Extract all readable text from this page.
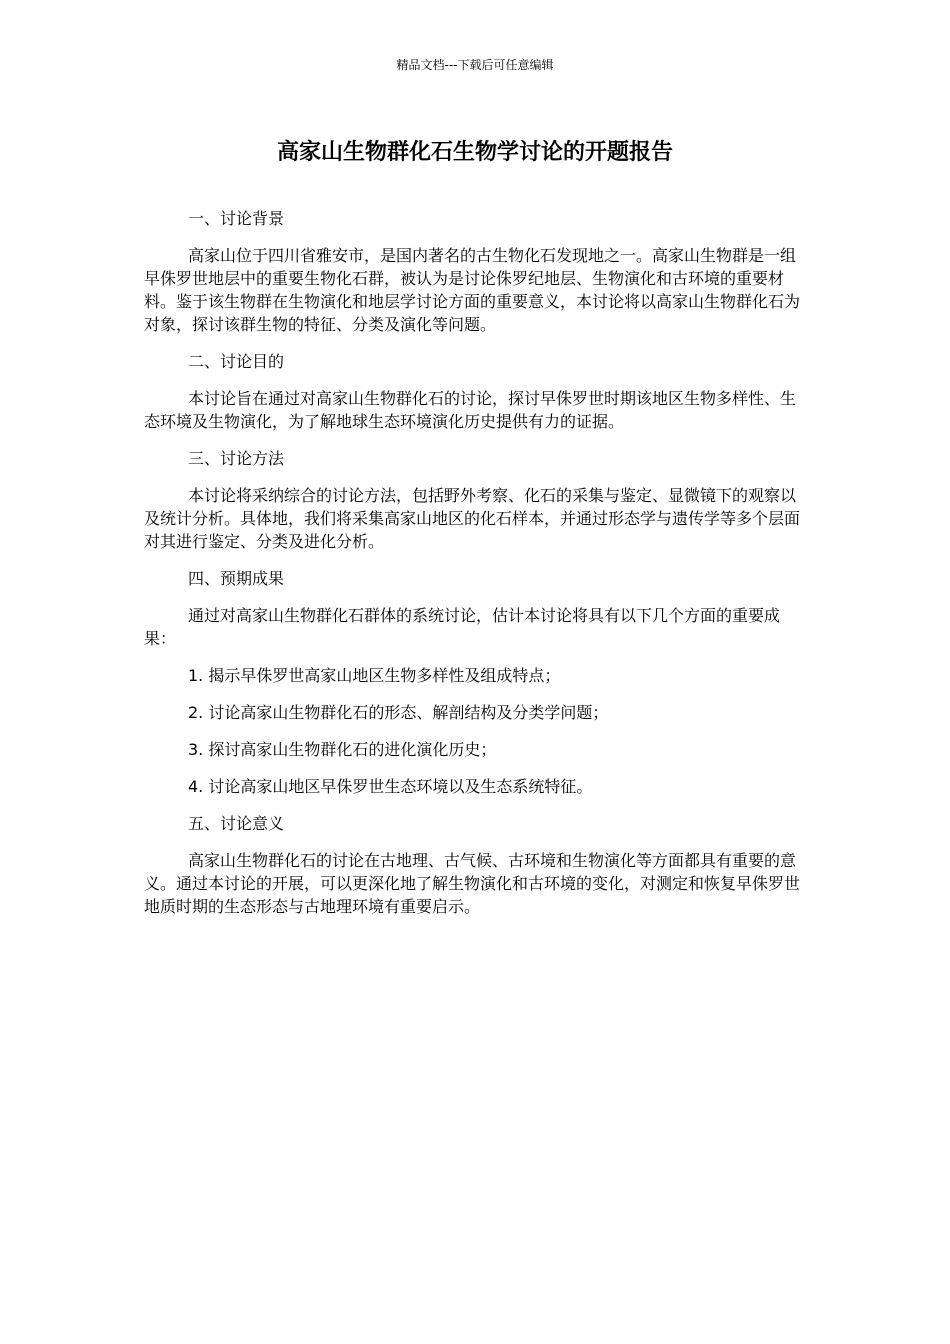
精品文档---下载后可任意编辑
高家山生物群化石生物学讨论的开题报告

一、讨论背景

高家山位于四川省雅安市，是国内著名的古生物化石发现地之一。高家山生物群是一组早侏罗世地层中的重要生物化石群，被认为是讨论侏罗纪地层、生物演化和古环境的重要材料。鉴于该生物群在生物演化和地层学讨论方面的重要意义，本讨论将以高家山生物群化石为对象，探讨该群生物的特征、分类及演化等问题。

二、讨论目的

本讨论旨在通过对高家山生物群化石的讨论，探讨早侏罗世时期该地区生物多样性、生态环境及生物演化，为了解地球生态环境演化历史提供有力的证据。

三、讨论方法

本讨论将采纳综合的讨论方法，包括野外考察、化石的采集与鉴定、显微镜下的观察以及统计分析。具体地，我们将采集高家山地区的化石样本，并通过形态学与遗传学等多个层面对其进行鉴定、分类及进化分析。

四、预期成果

通过对高家山生物群化石群体的系统讨论，估计本讨论将具有以下几个方面的重要成果：

1. 揭示早侏罗世高家山地区生物多样性及组成特点；

2. 讨论高家山生物群化石的形态、解剖结构及分类学问题；

3. 探讨高家山生物群化石的进化演化历史；

4. 讨论高家山地区早侏罗世生态环境以及生态系统特征。

五、讨论意义

高家山生物群化石的讨论在古地理、古气候、古环境和生物演化等方面都具有重要的意义。通过本讨论的开展，可以更深化地了解生物演化和古环境的变化，对测定和恢复早侏罗世地质时期的生态形态与古地理环境有重要启示。
